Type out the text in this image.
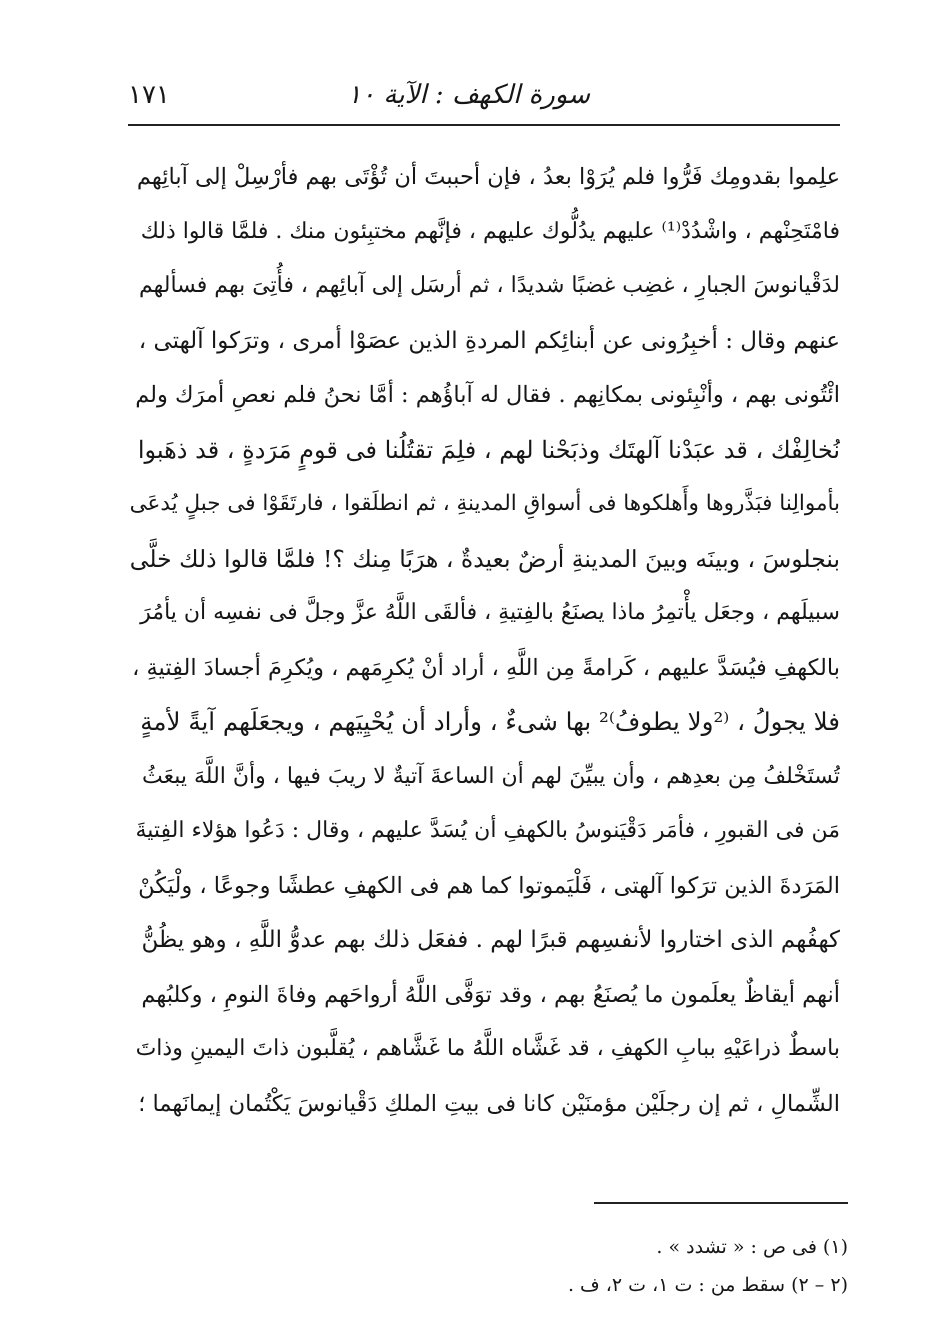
سورة الكهف : الآية ١٠
١٧١
علِموا بقدومِك فَرُّوا فلم يُرَوْا بعدُ ، فإن أحببتَ أن تُؤْتَى بهم فأرْسِلْ إلى آبائِهم
فامْتَحِنْهم ، واشْدُدْ⁽¹⁾ عليهم يدُلُّوك عليهم ، فإنَّهم مختبِئون منك . فلمَّا قالوا ذلك
لدَقْيانوسَ الجبارِ ، غضِب غضبًا شديدًا ، ثم أرسَل إلى آبائِهم ، فأُتِىَ بهم فسألهم
عنهم وقال : أخبِرُونى عن أبنائِكم المردةِ الذين عصَوْا أمرى ، وترَكوا آلهتى ،
ائْتُونى بهم ، وأنْبِئونى بمكانِهم . فقال له آباؤُهم : أمَّا نحنُ فلم نعصِ أمرَك ولم
نُخالِفْك ، قد عبَدْنا آلهتَك وذبَحْنا لهم ، فلِمَ تقتُلُنا فى قومٍ مَرَدةٍ ، قد ذهَبوا
بأموالِنا فبَذَّروها وأَهلكوها فى أسواقِ المدينةِ ، ثم انطلَقوا ، فارتَقَوْا فى جبلٍ يُدعَى
بنجلوسَ ، وبينَه وبينَ المدينةِ أرضٌ بعيدةٌ ، هرَبًا مِنك ؟! فلمَّا قالوا ذلك خلَّى
سبيلَهم ، وجعَل يأْتمِرُ ماذا يصنَعُ بالفِتيةِ ، فألقَى اللَّهُ عزَّ وجلَّ فى نفسِه أن يأمُرَ
بالكهفِ فيُسَدَّ عليهم ، كَرامةً مِن اللَّهِ ، أراد أنْ يُكرِمَهم ، ويُكرِمَ أجسادَ الفِتيةِ ،
فلا يجولُ ، ⁽²ولا يطوفُ⁾² بها شىءٌ ، وأراد أن يُحْيِيَهم ، ويجعَلَهم آيةً لأمةٍ
تُستَخْلفُ مِن بعدِهم ، وأن يبيِّنَ لهم أن الساعةَ آتيةٌ لا ريبَ فيها ، وأنَّ اللَّهَ يبعَثُ
مَن فى القبورِ ، فأمَر دَقْيَنوسُ بالكهفِ أن يُسَدَّ عليهم ، وقال : دَعُوا هؤلاء الفِتيةَ
المَرَدةَ الذين ترَكوا آلهتى ، فَلْيَموتوا كما هم فى الكهفِ عطشًا وجوعًا ، ولْيَكُنْ
كهفُهم الذى اختاروا لأنفسِهم قبرًا لهم . ففعَل ذلك بهم عدوُّ اللَّهِ ، وهو يظُنُّ
أنهم أيقاظٌ يعلَمون ما يُصنَعُ بهم ، وقد توَفَّى اللَّهُ أرواحَهم وفاةَ النومِ ، وكلبُهم
باسطٌ ذراعَيْهِ ببابِ الكهفِ ، قد غَشَّاه اللَّهُ ما غَشَّاهم ، يُقلَّبون ذاتَ اليمينِ وذاتَ
الشِّمالِ ، ثم إن رجلَيْن مؤمنَيْن كانا فى بيتِ الملكِ دَقْيانوسَ يَكْتُمان إيمانَهما ؛
(١) فى ص : « تشدد » .
(٢ – ٢) سقط من : ت ١، ت ٢، ف .
